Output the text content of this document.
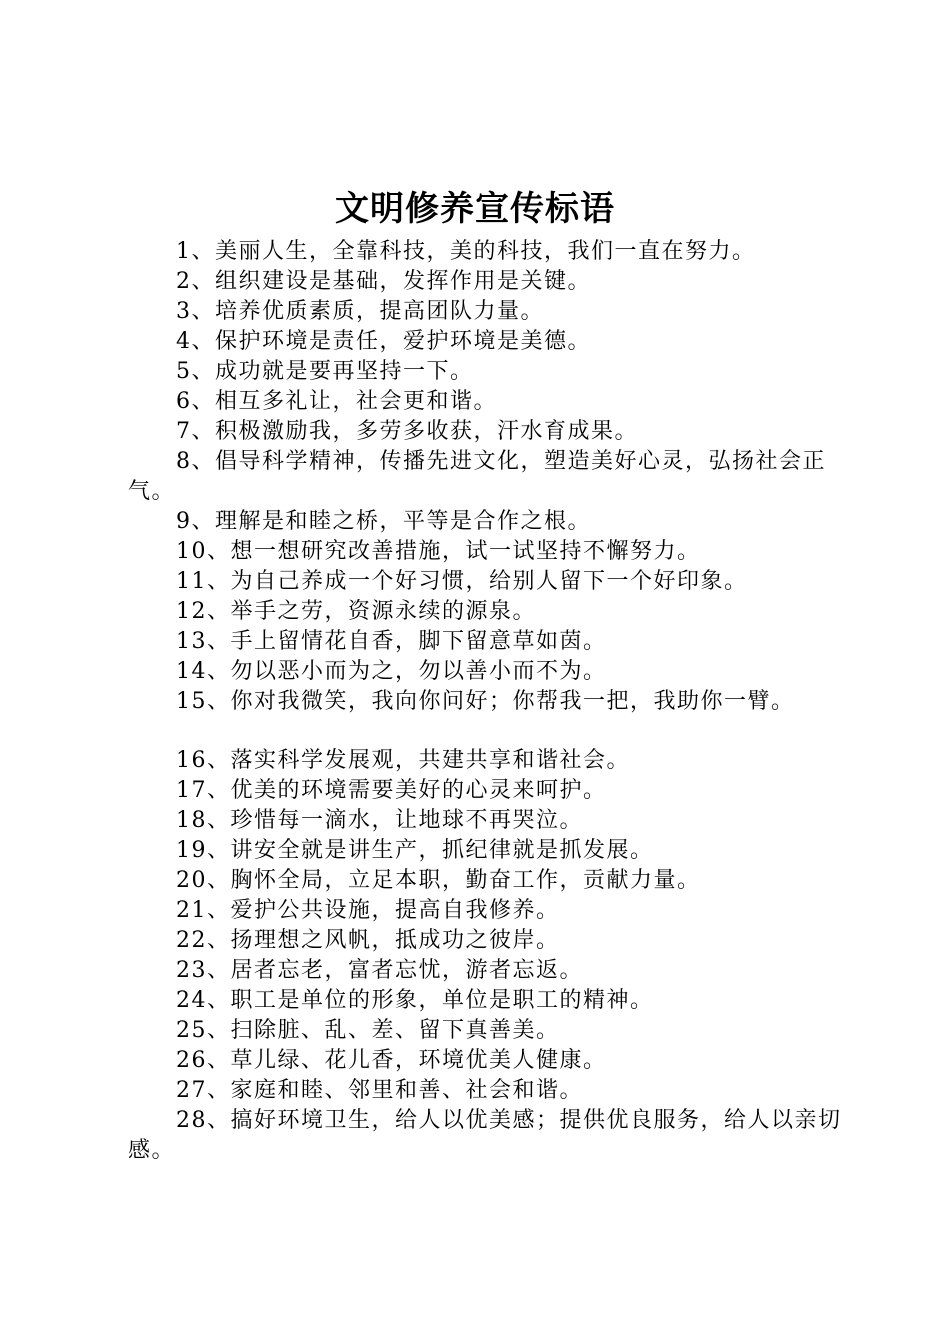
文明修养宣传标语

1、美丽人生，全靠科技，美的科技，我们一直在努力。

2、组织建设是基础，发挥作用是关键。

3、培养优质素质，提高团队力量。

4、保护环境是责任，爱护环境是美德。

5、成功就是要再坚持一下。

6、相互多礼让，社会更和谐。

7、积极激励我，多劳多收获，汗水育成果。

8、倡导科学精神，传播先进文化，塑造美好心灵，弘扬社会正气。

9、理解是和睦之桥，平等是合作之根。

10、想一想研究改善措施，试一试坚持不懈努力。

11、为自己养成一个好习惯，给别人留下一个好印象。

12、举手之劳，资源永续的源泉。

13、手上留情花自香，脚下留意草如茵。

14、勿以恶小而为之，勿以善小而不为。

15、你对我微笑，我向你问好；你帮我一把，我助你一臂。

16、落实科学发展观，共建共享和谐社会。

17、优美的环境需要美好的心灵来呵护。

18、珍惜每一滴水，让地球不再哭泣。

19、讲安全就是讲生产，抓纪律就是抓发展。

20、胸怀全局，立足本职，勤奋工作，贡献力量。

21、爱护公共设施，提高自我修养。

22、扬理想之风帆，抵成功之彼岸。

23、居者忘老，富者忘忧，游者忘返。

24、职工是单位的形象，单位是职工的精神。

25、扫除脏、乱、差、留下真善美。

26、草儿绿、花儿香，环境优美人健康。

27、家庭和睦、邻里和善、社会和谐。

28、搞好环境卫生，给人以优美感；提供优良服务，给人以亲切感。
